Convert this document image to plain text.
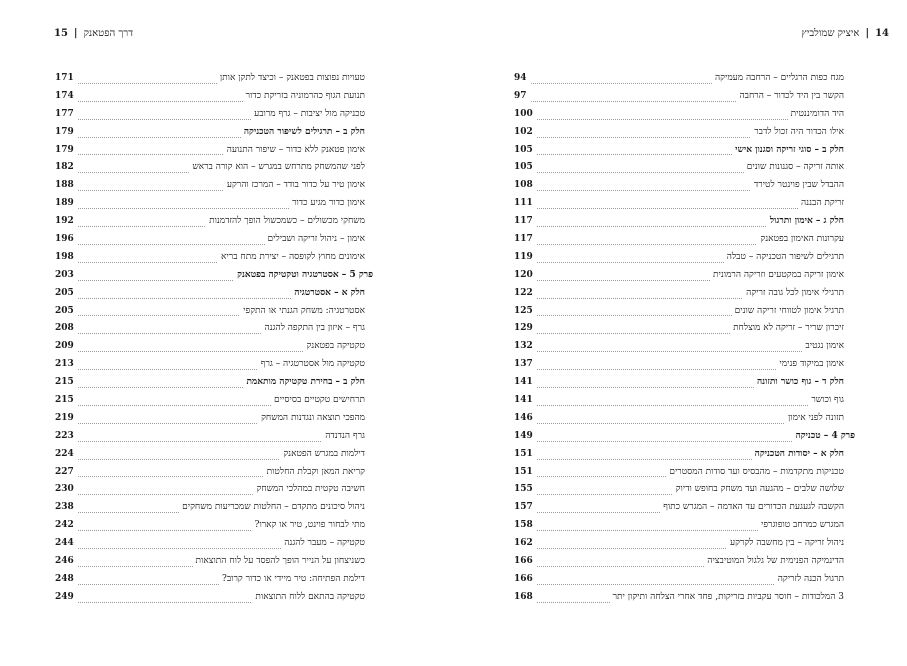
14|איציק שמולביץ
מגח כפות הרגליים – הרחבה מעמיקה
94
הקשר בין היד לכדור – הרחבה
97
היד הדומיננטית
100
אילו הכדור היה זכול לדבר
102
חלק ב – סוגי זריקה וסגנון אישי
105
אותה זריקה – סגנונות שונים
105
ההבדל שבין פוינטר לטירד
108
זריקת הבננה
111
חלק ג – אימון ותרגול
117
עקרונות האימון בפטאנק
117
תרגילים לשיפור הטכניקה – טבלה
119
אימון זריקה במקטעים וזריקה הרמונית
120
תרגילי אימון לכל גובה זריקה
122
תרגיל אימון לטווחי זריקה שונים
125
זיכרון שריר – זריקה לא מוצלחת
129
אימון נגטיב
132
אימון במיקוד פנימי
137
חלק ד – גוף כושר ותזונה
141
גוף וכושר
141
תזונה לפני אימון
146
פרק 4 – טכניקה
149
חלק א – יסודות הטכניקה
151
טכניקות מתקדמות – מהבסיס ועד סודות המסטרים
151
שלושה שלבים – מהגעה ועד משחק בחופש ודיוק
155
הקשבה לגעגעת הכדורים עד האדמה – המגרש כתוף
157
המגרש כמרחב טופוגרפי
158
ניהול זריקה – בין מחשבה לקרקע
162
הדינמיקה הפנימית של גלגול המוטיבציה
166
תרגול הכנה לזריקה
166
3 המלכודות – חוסר עקביות בזריקות, פחד אחרי הצלחה ותיקון יתר
168
דרך הפטאנק|15
טעויות נפוצות בפטאנק – וכיצד לתקן אותן
171
תנועת הגוף כהרמוניה בזריקת כדור
174
טכניקה מול יציבות – גרף מרובע
177
חלק ב – תרגילים לשיפור הטכניקה
179
אימון פטאנק ללא כדור – שיפור התנועה
179
לפני שהמשחק מתרחש במגרש – הוא קורה בראש
182
אימון טיר על כדור בודד – המרכז והרקע
188
אימון כדור מגיע כדור
189
משחקי מכשולים – כשמכשול הופך להזדמנות
192
אימון – ניהול זריקה ושבילים
196
אימונים מחוץ לקופסה – יצירת מתח בריא
198
פרק 5 – אסטרטגיה וטקטיקה בפטאנק
203
חלק א – אסטרטגיה
205
אסטרטגיה: משחק הגנתי או התקפי
205
גרף – איזון בין התקפה להגנה
208
טקטיקה בפטאנק
209
טקטיקה מול אסטרטגיה – גרף
213
חלק ב – בחירת טקטיקה מותאמת
215
תרחישים טקטיים בסיסיים
215
מהפכי תוצאה ונגדנות המשחק
219
גרף הנדנדה
223
דילמות במגרש הפטאנק
224
קריאת המאן וקבלת החלטות
227
חשיבה טקטית במהלכי המשחק
230
ניהול סיכונים מתקדם – החלטות שמכריעות משחקים
238
מתי לבחור פוינט, טיר או קארו?
242
טקטיקה – מעבר להגנה
244
כשניצחון על הנייר הופך להפסד על לוח התוצאות
246
דילמת הפתיחה: טיר מיידי או כדור קרוב?
248
טקטיקה בהתאם ללוח התוצאות
249
